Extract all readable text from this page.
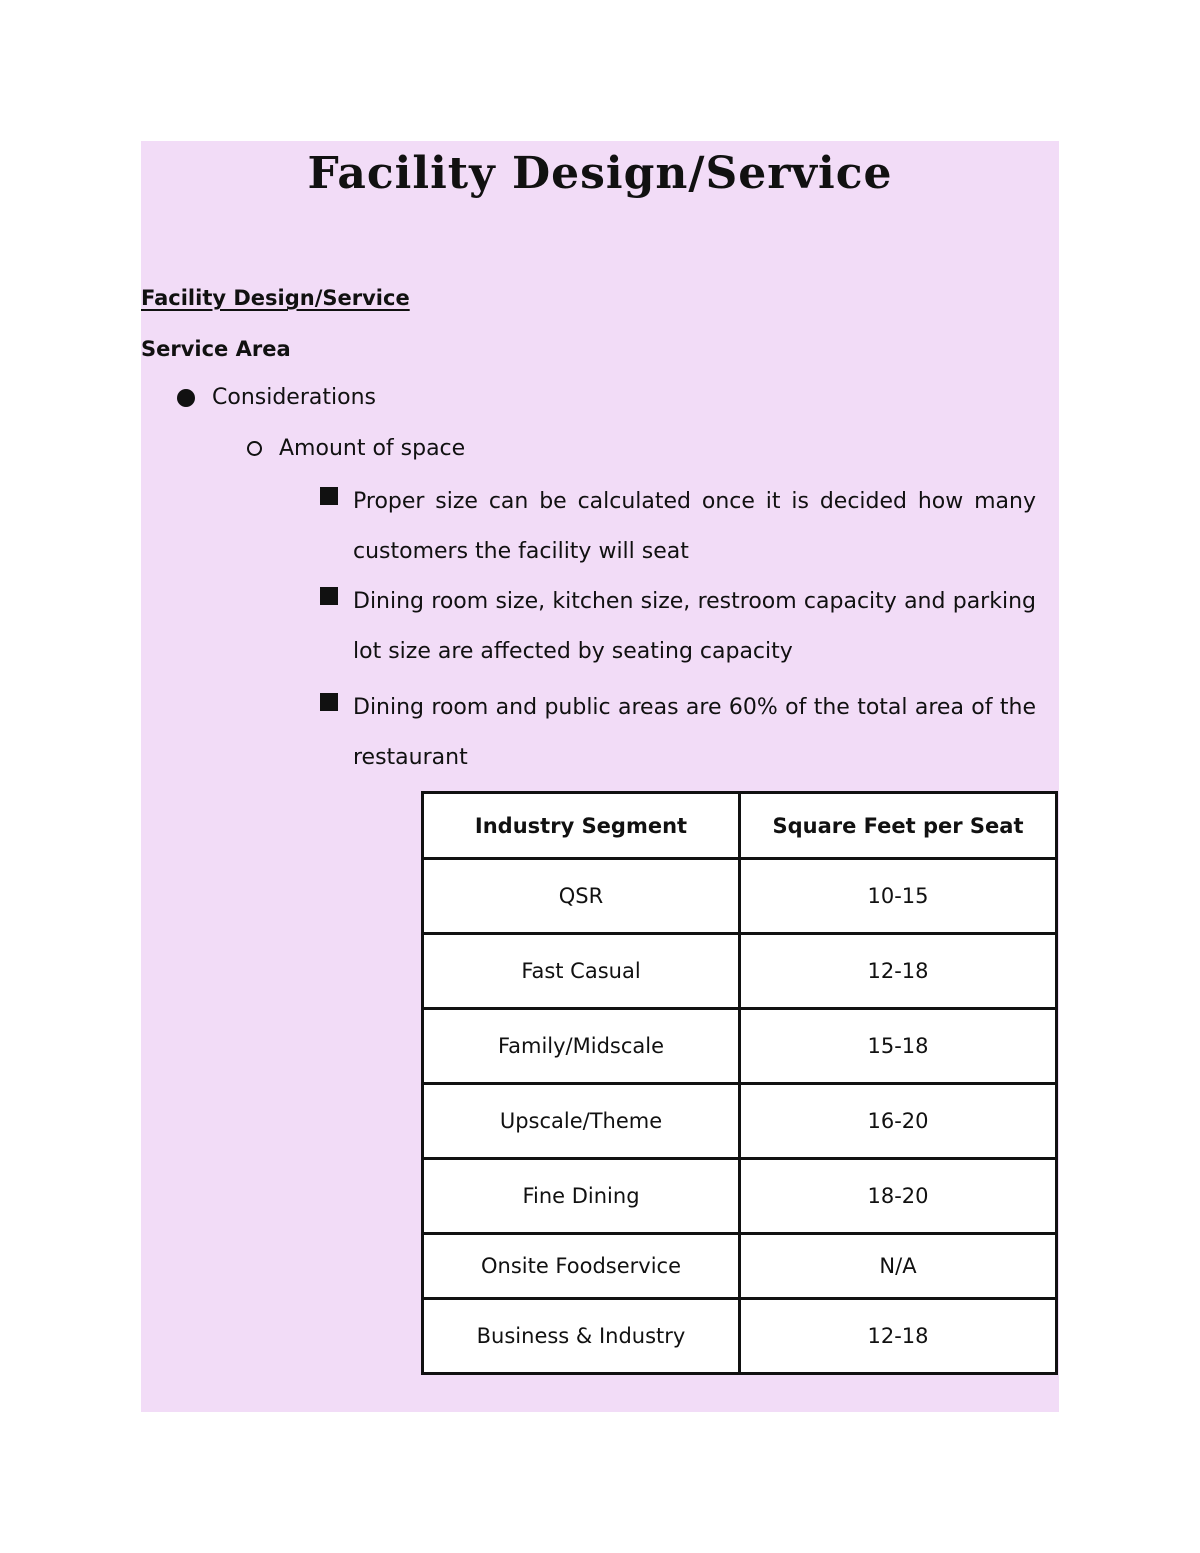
Facility Design/Service
Facility Design/Service
Service Area
Considerations
Amount of space
Proper size can be calculated once it is decided how many customers the facility will seat
Dining room size, kitchen size, restroom capacity and parking lot size are affected by seating capacity
Dining room and public areas are 60% of the total area of the restaurant
Industry Segment	Square Feet per Seat
QSR	10-15
Fast Casual	12-18
Family/Midscale	15-18
Upscale/Theme	16-20
Fine Dining	18-20
Onsite Foodservice	N/A
Business & Industry	12-18
